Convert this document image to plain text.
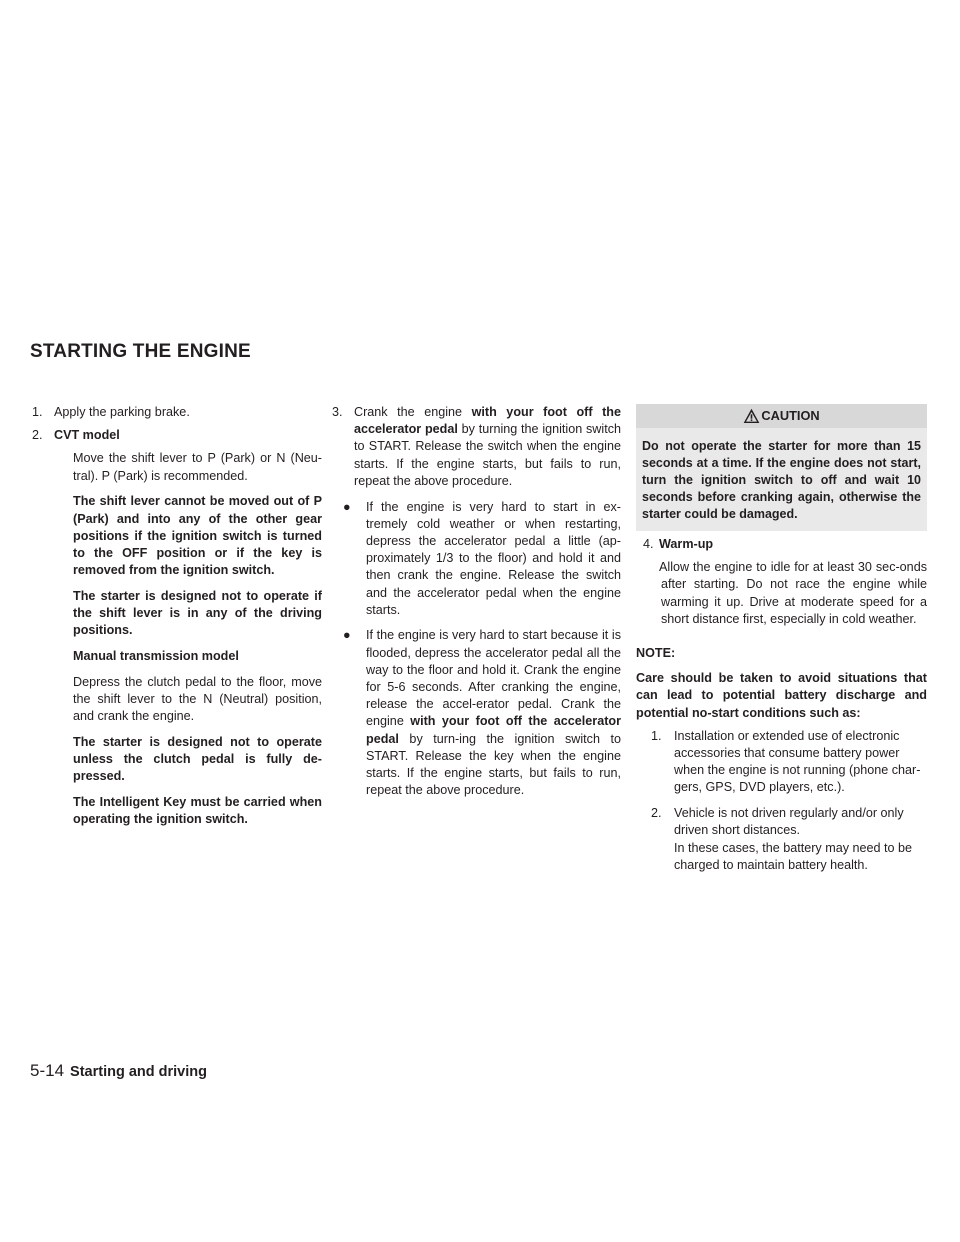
STARTING THE ENGINE
1. Apply the parking brake.
2. CVT model

Move the shift lever to P (Park) or N (Neu-tral). P (Park) is recommended.

The shift lever cannot be moved out of P (Park) and into any of the other gear positions if the ignition switch is turned to the OFF position or if the key is removed from the ignition switch.

The starter is designed not to operate if the shift lever is in any of the driving positions.

Manual transmission model

Depress the clutch pedal to the floor, move the shift lever to the N (Neutral) position, and crank the engine.

The starter is designed not to operate unless the clutch pedal is fully de-pressed.

The Intelligent Key must be carried when operating the ignition switch.

3. Crank the engine with your foot off the accelerator pedal by turning the ignition switch to START. Release the switch when the engine starts. If the engine starts, but fails to run, repeat the above procedure.

● If the engine is very hard to start in ex-tremely cold weather or when restarting, depress the accelerator pedal a little (ap-proximately 1/3 to the floor) and hold it and then crank the engine. Release the switch and the accelerator pedal when the engine starts.
● If the engine is very hard to start because it is flooded, depress the accelerator pedal all the way to the floor and hold it. Crank the engine for 5-6 seconds. After cranking the engine, release the accel-erator pedal. Crank the engine with your foot off the accelerator pedal by turn-ing the ignition switch to START. Release the key when the engine starts. If the engine starts, but fails to run, repeat the above procedure.
CAUTION
Do not operate the starter for more than 15 seconds at a time. If the engine does not start, turn the ignition switch to off and wait 10 seconds before cranking again, otherwise the starter could be damaged.
4. Warm-up

Allow the engine to idle for at least 30 sec-onds after starting. Do not race the engine while warming it up. Drive at moderate speed for a short distance first, especially in cold weather.

NOTE:

Care should be taken to avoid situations that can lead to potential battery discharge and potential no-start conditions such as:

1. Installation or extended use of electronic accessories that consume battery power when the engine is not running (phone char-gers, GPS, DVD players, etc.).
2. Vehicle is not driven regularly and/or only driven short distances.

In these cases, the battery may need to be charged to maintain battery health.

5-14 Starting and driving
